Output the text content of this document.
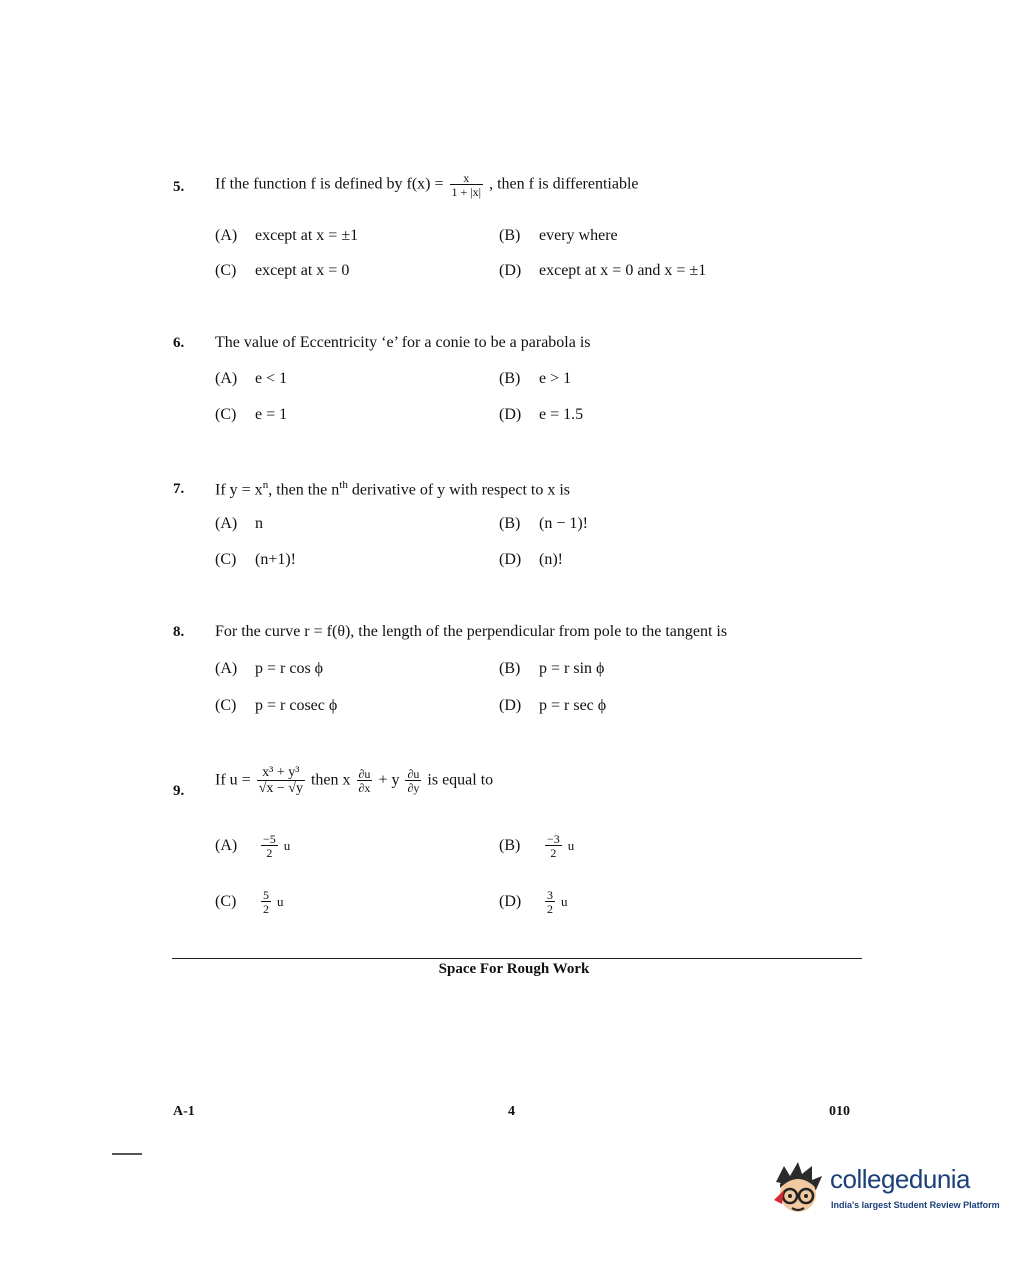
5. If the function f is defined by $f(x) = \frac{x}{1 + |x|}$ , then f is differentiable
(A) except at x = ±1	(B) every where
(C) except at x = 0	(D) except at x = 0 and x = ±1
6. The value of Eccentricity ‘e’ for a conie to be a parabola is
(A) e < 1	(B) e > 1
(C) e = 1	(D) e = 1.5
7. If $y = x^n$, then the $n^{th}$ derivative of y with respect to x is
(A) n	(B) (n − 1)!
(C) (n+1)!	(D) (n)!
8. For the curve r = f(θ), the length of the perpendicular from pole to the tangent is
(A) p = r cos ϕ	(B) p = r sin ϕ
(C) p = r cosec ϕ	(D) p = r sec ϕ
9.
If $u = \frac{\text{x³ + y³}}{√x - √y}$ then x $\frac{\partial u}{\partial x} + y \frac{\partial u}{\partial y}$ is equal to
$(A) \frac{-5}{2}$ u	$(B) \frac{-3}{2}$ u
$(C) \frac{5}{2}$ u	$(D) \frac{3}{2}$ u
Space For Rough Work
A-1	4	010
collegedunia
India's largest Student Review Platform
